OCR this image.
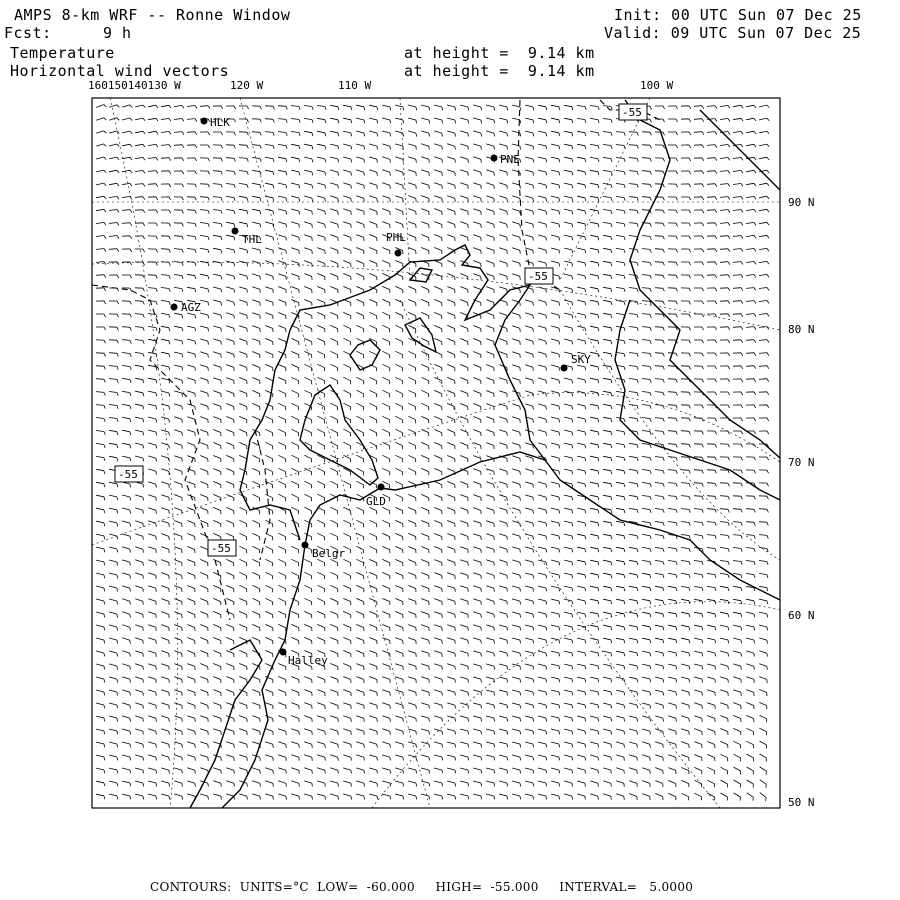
AMPS 8-km WRF -- Ronne Window
Fcst:	9 h
Init: 00 UTC Sun 07 Dec 25
Valid: 09 UTC Sun 07 Dec 25
Temperature
Horizontal wind vectors
at height =  9.14 km
at height =  9.14 km
-55
-55
-55
-55
HLK
PNE
THL	PHL
AGZ
SKY
GLD
Belgr
Halley
160150140130 W	120 W	110 W	100 W
90 N
80 N
70 N
60 N
50 N
CONTOURS:  UNITS=°C  LOW=  -60.000     HIGH=  -55.000     INTERVAL=   5.0000
